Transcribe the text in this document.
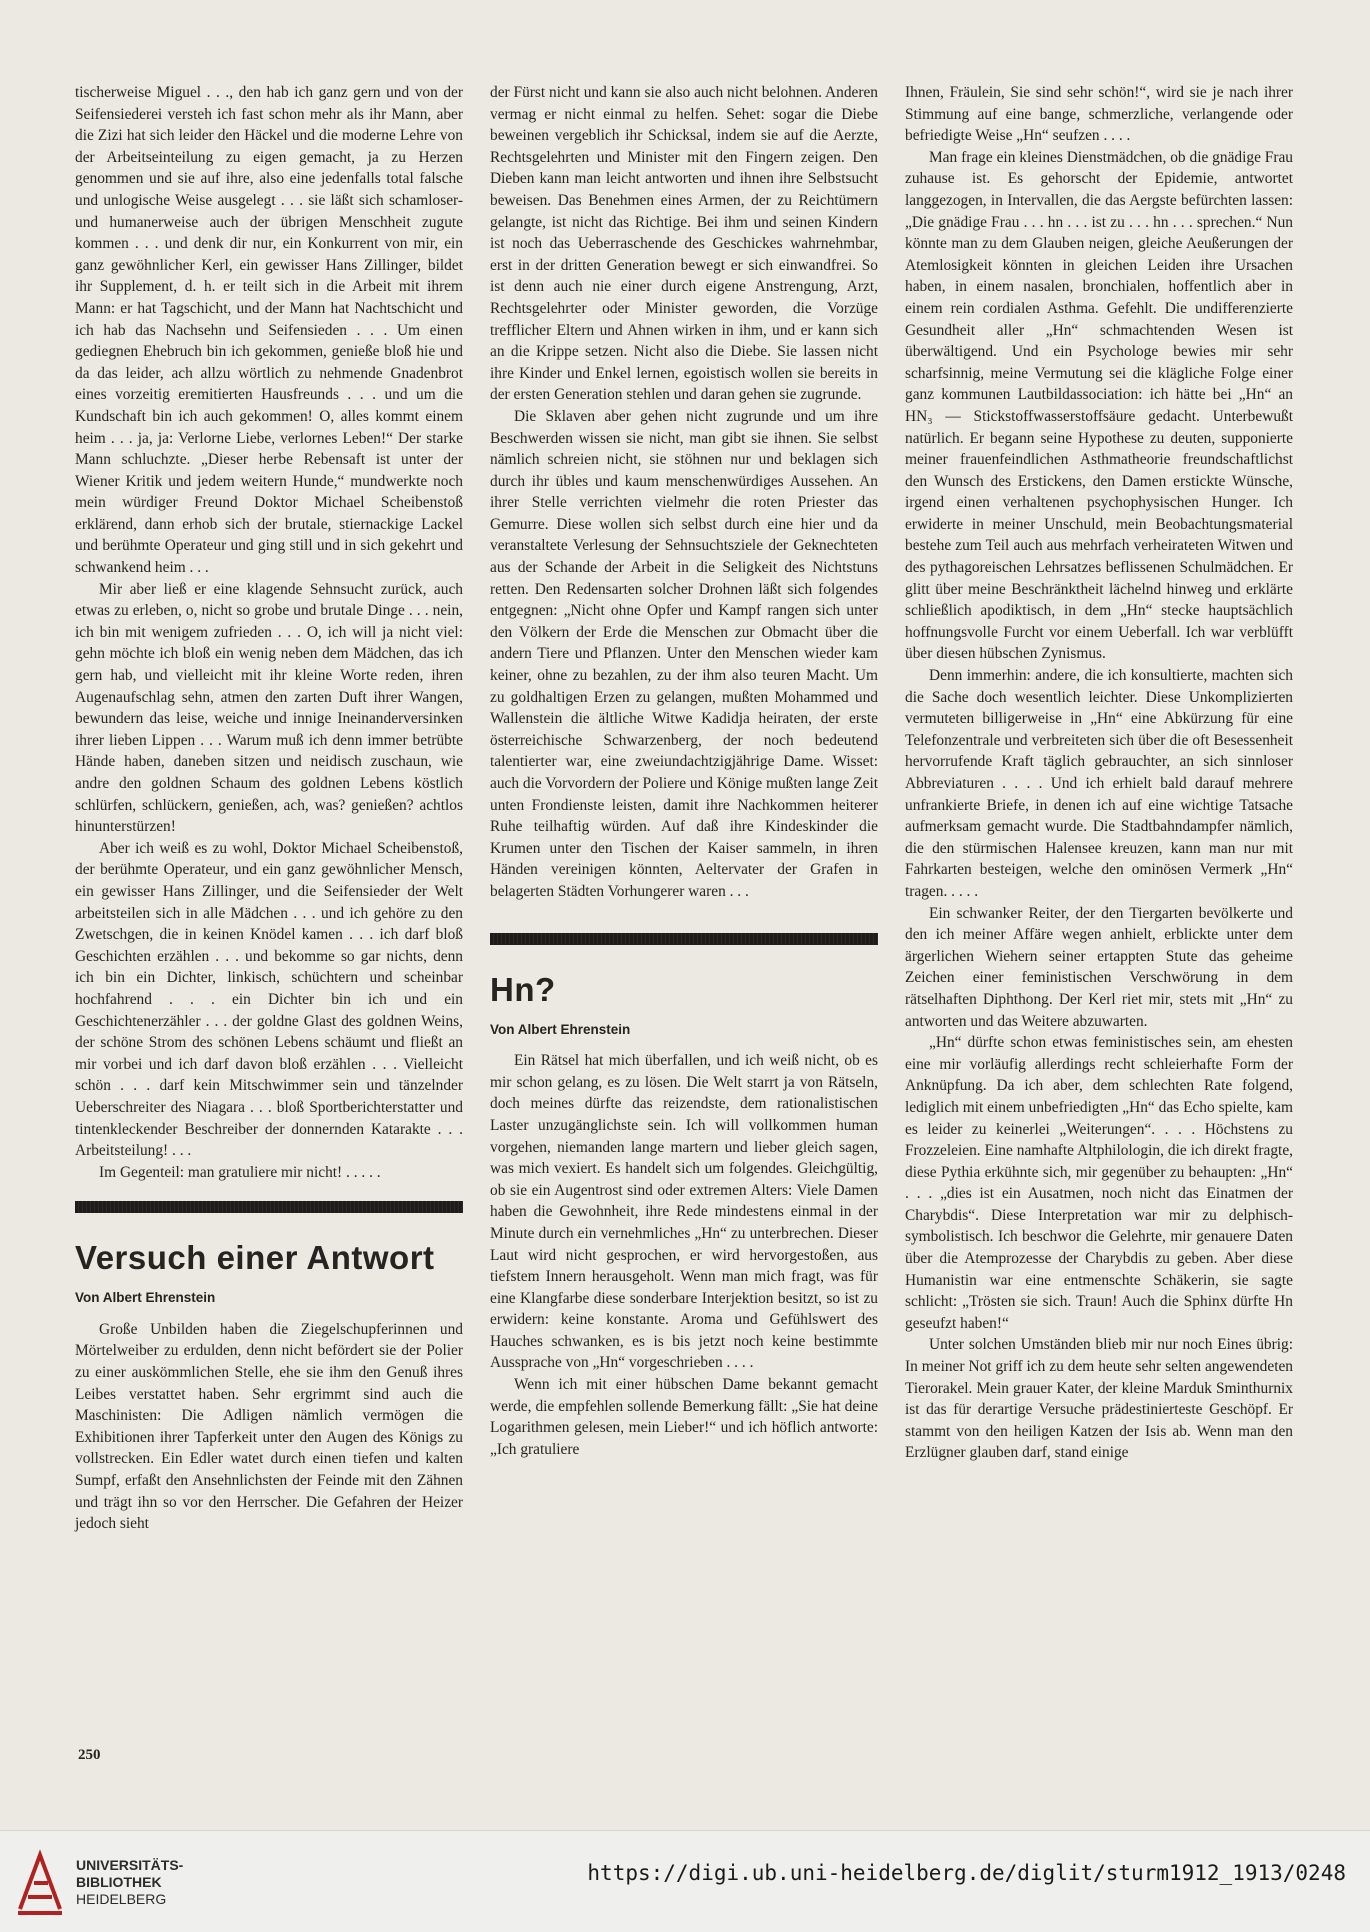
tischerweise Miguel . . ., den hab ich ganz gern und von der Seifensiederei versteh ich fast schon mehr als ihr Mann, aber die Zizi hat sich leider den Häckel und die moderne Lehre von der Arbeitseinteilung zu eigen gemacht, ja zu Herzen genommen und sie auf ihre, also eine jedenfalls total falsche und unlogische Weise ausgelegt . . . sie läßt sich schamloser- und humanerweise auch der übrigen Menschheit zugute kommen . . . und denk dir nur, ein Konkurrent von mir, ein ganz gewöhnlicher Kerl, ein gewisser Hans Zillinger, bildet ihr Supplement, d. h. er teilt sich in die Arbeit mit ihrem Mann: er hat Tagschicht, und der Mann hat Nachtschicht und ich hab das Nachsehn und Seifensieden . . . Um einen gediegnen Ehebruch bin ich gekommen, genieße bloß hie und da das leider, ach allzu wörtlich zu nehmende Gnadenbrot eines vorzeitig eremitierten Hausfreunds . . . und um die Kundschaft bin ich auch gekommen! O, alles kommt einem heim . . . ja, ja: Verlorne Liebe, verlornes Leben!“ Der starke Mann schluchzte. „Dieser herbe Rebensaft ist unter der Wiener Kritik und jedem weitern Hunde,“ mundwerkte noch mein würdiger Freund Doktor Michael Scheibenstoß erklärend, dann erhob sich der brutale, stiernackige Lackel und berühmte Operateur und ging still und in sich gekehrt und schwankend heim . . .

Mir aber ließ er eine klagende Sehnsucht zurück, auch etwas zu erleben, o, nicht so grobe und brutale Dinge . . . nein, ich bin mit wenigem zufrieden . . . O, ich will ja nicht viel: gehn möchte ich bloß ein wenig neben dem Mädchen, das ich gern hab, und vielleicht mit ihr kleine Worte reden, ihren Augenaufschlag sehn, atmen den zarten Duft ihrer Wangen, bewundern das leise, weiche und innige Ineinanderversinken ihrer lieben Lippen . . . Warum muß ich denn immer betrübte Hände haben, daneben sitzen und neidisch zuschaun, wie andre den goldnen Schaum des goldnen Lebens köstlich schlürfen, schlückern, genießen, ach, was? genießen? achtlos hinunterstürzen!

Aber ich weiß es zu wohl, Doktor Michael Scheibenstoß, der berühmte Operateur, und ein ganz gewöhnlicher Mensch, ein gewisser Hans Zillinger, und die Seifensieder der Welt arbeitsteilen sich in alle Mädchen . . . und ich gehöre zu den Zwetschgen, die in keinen Knödel kamen . . . ich darf bloß Geschichten erzählen . . . und bekomme so gar nichts, denn ich bin ein Dichter, linkisch, schüchtern und scheinbar hochfahrend . . . ein Dichter bin ich und ein Geschichtenerzähler . . . der goldne Glast des goldnen Weins, der schöne Strom des schönen Lebens schäumt und fließt an mir vorbei und ich darf davon bloß erzählen . . . Vielleicht schön . . . darf kein Mitschwimmer sein und tänzelnder Ueberschreiter des Niagara . . . bloß Sportberichterstatter und tintenkleckender Beschreiber der donnernden Katarakte . . . Arbeitsteilung! . . .

Im Gegenteil: man gratuliere mir nicht! . . . . .

Versuch einer Antwort
Von Albert Ehrenstein

Große Unbilden haben die Ziegelschupferinnen und Mörtelweiber zu erdulden, denn nicht befördert sie der Polier zu einer auskömmlichen Stelle, ehe sie ihm den Genuß ihres Leibes verstattet haben. Sehr ergrimmt sind auch die Maschinisten: Die Adligen nämlich vermögen die Exhibitionen ihrer Tapferkeit unter den Augen des Königs zu vollstrecken. Ein Edler watet durch einen tiefen und kalten Sumpf, erfaßt den Ansehnlichsten der Feinde mit den Zähnen und trägt ihn so vor den Herrscher. Die Gefahren der Heizer jedoch sieht

der Fürst nicht und kann sie also auch nicht belohnen. Anderen vermag er nicht einmal zu helfen. Sehet: sogar die Diebe beweinen vergeblich ihr Schicksal, indem sie auf die Aerzte, Rechtsgelehrten und Minister mit den Fingern zeigen. Den Dieben kann man leicht antworten und ihnen ihre Selbstsucht beweisen. Das Benehmen eines Armen, der zu Reichtümern gelangte, ist nicht das Richtige. Bei ihm und seinen Kindern ist noch das Ueberraschende des Geschickes wahrnehmbar, erst in der dritten Generation bewegt er sich einwandfrei. So ist denn auch nie einer durch eigene Anstrengung, Arzt, Rechtsgelehrter oder Minister geworden, die Vorzüge trefflicher Eltern und Ahnen wirken in ihm, und er kann sich an die Krippe setzen. Nicht also die Diebe. Sie lassen nicht ihre Kinder und Enkel lernen, egoistisch wollen sie bereits in der ersten Generation stehlen und daran gehen sie zugrunde.

Die Sklaven aber gehen nicht zugrunde und um ihre Beschwerden wissen sie nicht, man gibt sie ihnen. Sie selbst nämlich schreien nicht, sie stöhnen nur und beklagen sich durch ihr übles und kaum menschenwürdiges Aussehen. An ihrer Stelle verrichten vielmehr die roten Priester das Gemurre. Diese wollen sich selbst durch eine hier und da veranstaltete Verlesung der Sehnsuchtsziele der Geknechteten aus der Schande der Arbeit in die Seligkeit des Nichtstuns retten. Den Redensarten solcher Drohnen läßt sich folgendes entgegnen: „Nicht ohne Opfer und Kampf rangen sich unter den Völkern der Erde die Menschen zur Obmacht über die andern Tiere und Pflanzen. Unter den Menschen wieder kam keiner, ohne zu bezahlen, zu der ihm also teuren Macht. Um zu goldhaltigen Erzen zu gelangen, mußten Mohammed und Wallenstein die ältliche Witwe Kadidja heiraten, der erste österreichische Schwarzenberg, der noch bedeutend talentierter war, eine zweiundachtzigjährige Dame. Wisset: auch die Vorvordern der Poliere und Könige mußten lange Zeit unten Frondienste leisten, damit ihre Nachkommen heiterer Ruhe teilhaftig würden. Auf daß ihre Kindeskinder die Krumen unter den Tischen der Kaiser sammeln, in ihren Händen vereinigen könnten, Aeltervater der Grafen in belagerten Städten Vorhungerer waren . . .

Hn?
Von Albert Ehrenstein

Ein Rätsel hat mich überfallen, und ich weiß nicht, ob es mir schon gelang, es zu lösen. Die Welt starrt ja von Rätseln, doch meines dürfte das reizendste, dem rationalistischen Laster unzugänglichste sein. Ich will vollkommen human vorgehen, niemanden lange martern und lieber gleich sagen, was mich vexiert. Es handelt sich um folgendes. Gleichgültig, ob sie ein Augentrost sind oder extremen Alters: Viele Damen haben die Gewohnheit, ihre Rede mindestens einmal in der Minute durch ein vernehmliches „Hn“ zu unterbrechen. Dieser Laut wird nicht gesprochen, er wird hervorgestoßen, aus tiefstem Innern herausgeholt. Wenn man mich fragt, was für eine Klangfarbe diese sonderbare Interjektion besitzt, so ist zu erwidern: keine konstante. Aroma und Gefühlswert des Hauches schwanken, es is bis jetzt noch keine bestimmte Aussprache von „Hn“ vorgeschrieben . . . .

Wenn ich mit einer hübschen Dame bekannt gemacht werde, die empfehlen sollende Bemerkung fällt: „Sie hat deine Logarithmen gelesen, mein Lieber!“ und ich höflich antworte: „Ich gratuliere

Ihnen, Fräulein, Sie sind sehr schön!“, wird sie je nach ihrer Stimmung auf eine bange, schmerzliche, verlangende oder befriedigte Weise „Hn“ seufzen . . . .

Man frage ein kleines Dienstmädchen, ob die gnädige Frau zuhause ist. Es gehorscht der Epidemie, antwortet langgezogen, in Intervallen, die das Aergste befürchten lassen: „Die gnädige Frau . . . hn . . . ist zu . . . hn . . . sprechen.“ Nun könnte man zu dem Glauben neigen, gleiche Aeußerungen der Atemlosigkeit könnten in gleichen Leiden ihre Ursachen haben, in einem nasalen, bronchialen, hoffentlich aber in einem rein cordialen Asthma. Gefehlt. Die undifferenzierte Gesundheit aller „Hn“ schmachtenden Wesen ist überwältigend. Und ein Psychologe bewies mir sehr scharfsinnig, meine Vermutung sei die klägliche Folge einer ganz kommunen Lautbildassociation: ich hätte bei „Hn“ an HN₃ — Stickstoffwasserstoffsäure gedacht. Unterbewußt natürlich. Er begann seine Hypothese zu deuten, supponierte meiner frauenfeindlichen Asthmatheorie freundschaftlichst den Wunsch des Erstickens, den Damen erstickte Wünsche, irgend einen verhaltenen psychophysischen Hunger. Ich erwiderte in meiner Unschuld, mein Beobachtungsmaterial bestehe zum Teil auch aus mehrfach verheirateten Witwen und des pythagoreischen Lehrsatzes beflissenen Schulmädchen. Er glitt über meine Beschränktheit lächelnd hinweg und erklärte schließlich apodiktisch, in dem „Hn“ stecke hauptsächlich hoffnungsvolle Furcht vor einem Ueberfall. Ich war verblüfft über diesen hübschen Zynismus.

Denn immerhin: andere, die ich konsultierte, machten sich die Sache doch wesentlich leichter. Diese Unkomplizierten vermuteten billigerweise in „Hn“ eine Abkürzung für eine Telefonzentrale und verbreiteten sich über die oft Besessenheit hervorrufende Kraft täglich gebrauchter, an sich sinnloser Abbreviaturen . . . . Und ich erhielt bald darauf mehrere unfrankierte Briefe, in denen ich auf eine wichtige Tatsache aufmerksam gemacht wurde. Die Stadtbahndampfer nämlich, die den stürmischen Halensee kreuzen, kann man nur mit Fahrkarten besteigen, welche den ominösen Vermerk „Hn“ tragen. . . . .

Ein schwanker Reiter, der den Tiergarten bevölkerte und den ich meiner Affäre wegen anhielt, erblickte unter dem ärgerlichen Wiehern seiner ertappten Stute das geheime Zeichen einer feministischen Verschwörung in dem rätselhaften Diphthong. Der Kerl riet mir, stets mit „Hn“ zu antworten und das Weitere abzuwarten.

„Hn“ dürfte schon etwas feministisches sein, am ehesten eine mir vorläufig allerdings recht schleierhafte Form der Anknüpfung. Da ich aber, dem schlechten Rate folgend, lediglich mit einem unbefriedigten „Hn“ das Echo spielte, kam es leider zu keinerlei „Weiterungen“. . . . Höchstens zu Frozzeleien. Eine namhafte Altphilologin, die ich direkt fragte, diese Pythia erkühnte sich, mir gegenüber zu behaupten: „Hn“ . . . „dies ist ein Ausatmen, noch nicht das Einatmen der Charybdis“. Diese Interpretation war mir zu delphisch-symbolistisch. Ich beschwor die Gelehrte, mir genauere Daten über die Atemprozesse der Charybdis zu geben. Aber diese Humanistin war eine entmenschte Schäkerin, sie sagte schlicht: „Trösten sie sich. Traun! Auch die Sphinx dürfte Hn geseufzt haben!“

Unter solchen Umständen blieb mir nur noch Eines übrig: In meiner Not griff ich zu dem heute sehr selten angewendeten Tierorakel. Mein grauer Kater, der kleine Marduk Sminthurnix ist das für derartige Versuche prädestinierteste Geschöpf. Er stammt von den heiligen Katzen der Isis ab. Wenn man den Erzlügner glauben darf, stand einige

250
UNIVERSITÄTS-
BIBLIOTHEK
HEIDELBERG
https://digi.ub.uni-heidelberg.de/diglit/sturm1912_1913/0248
